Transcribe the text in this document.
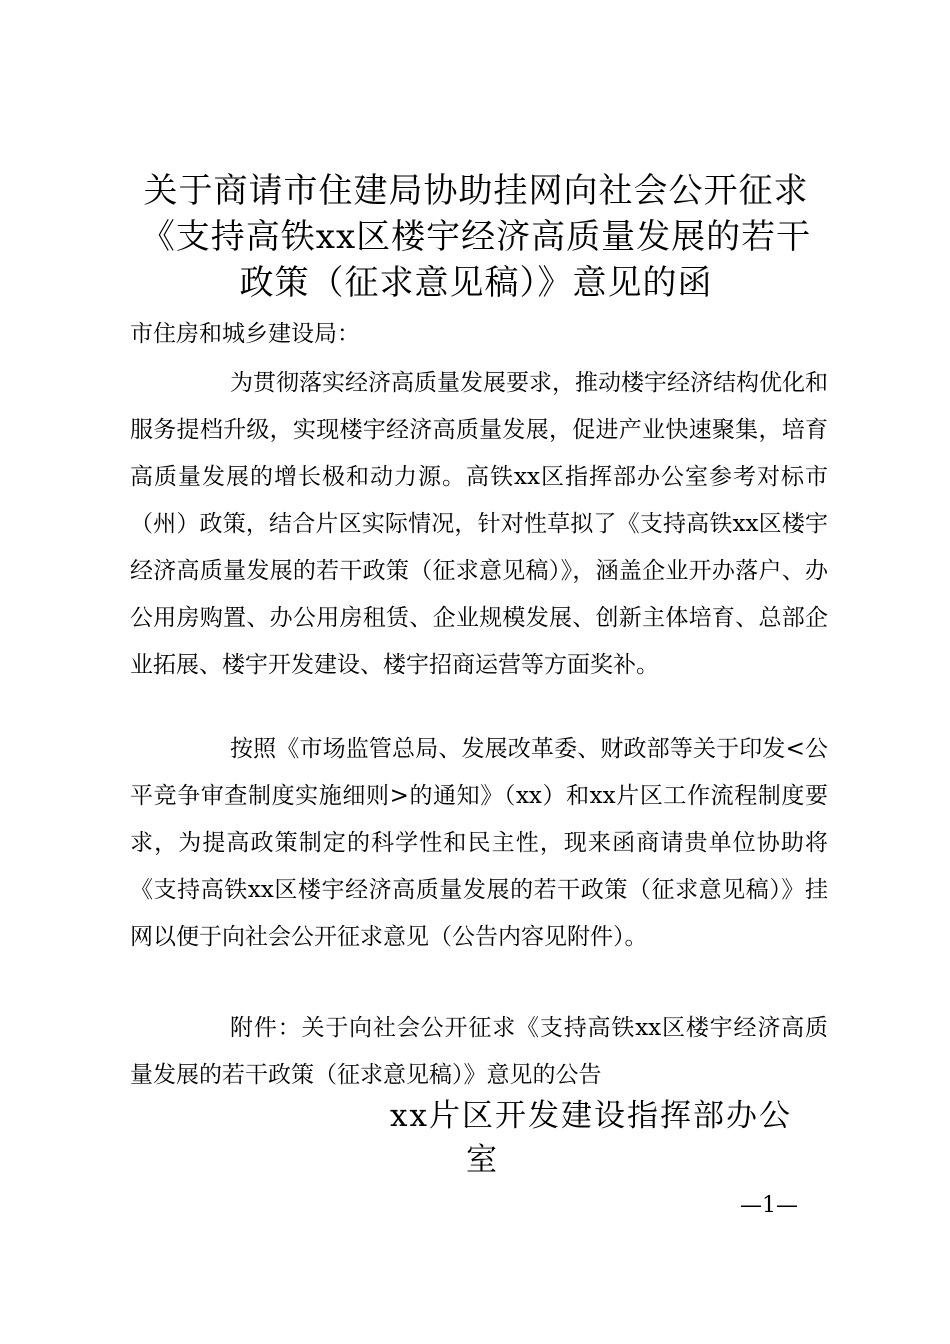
关于商请市住建局协助挂网向社会公开征求
《支持高铁xx区楼宇经济高质量发展的若干
政策（征求意见稿）》意见的函
市住房和城乡建设局：

为贯彻落实经济高质量发展要求，推动楼宇经济结构优化和服务提档升级，实现楼宇经济高质量发展，促进产业快速聚集，培育高质量发展的增长极和动力源。高铁xx区指挥部办公室参考对标市（州）政策，结合片区实际情况，针对性草拟了《支持高铁xx区楼宇经济高质量发展的若干政策（征求意见稿）》，涵盖企业开办落户、办公用房购置、办公用房租赁、企业规模发展、创新主体培育、总部企业拓展、楼宇开发建设、楼宇招商运营等方面奖补。

按照《市场监管总局、发展改革委、财政部等关于印发<公平竞争审查制度实施细则>的通知》（xx）和xx片区工作流程制度要求，为提高政策制定的科学性和民主性，现来函商请贵单位协助将《支持高铁xx区楼宇经济高质量发展的若干政策（征求意见稿）》挂网以便于向社会公开征求意见（公告内容见附件）。

附件：关于向社会公开征求《支持高铁xx区楼宇经济高质量发展的若干政策（征求意见稿）》意见的公告

xx片区开发建设指挥部办公
室
—1—
